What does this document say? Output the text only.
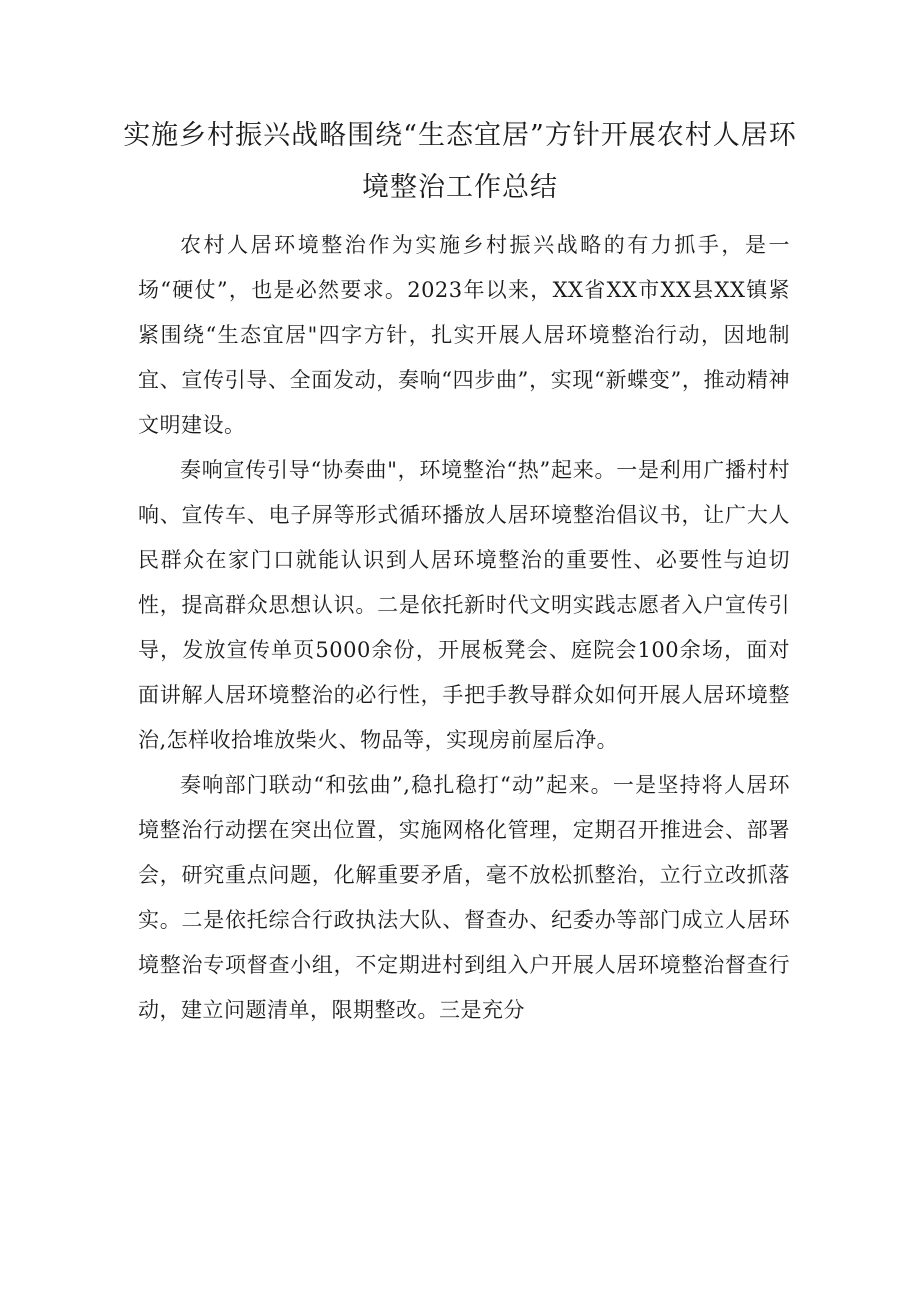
实施乡村振兴战略围绕“生态宜居”方针开展农村人居环境整治工作总结

农村人居环境整治作为实施乡村振兴战略的有力抓手，是一场“硬仗”，也是必然要求。2023年以来，XX省XX市XX县XX镇紧紧围绕“生态宜居"四字方针，扎实开展人居环境整治行动，因地制宜、宣传引导、全面发动，奏响“四步曲”，实现“新蝶变”，推动精神文明建设。

奏响宣传引导“协奏曲"，环境整治“热”起来。一是利用广播村村响、宣传车、电子屏等形式循环播放人居环境整治倡议书，让广大人民群众在家门口就能认识到人居环境整治的重要性、必要性与迫切性，提高群众思想认识。二是依托新时代文明实践志愿者入户宣传引导，发放宣传单页5000余份，开展板凳会、庭院会100余场，面对面讲解人居环境整治的必行性，手把手教导群众如何开展人居环境整治,怎样收拾堆放柴火、物品等，实现房前屋后净。

奏响部门联动“和弦曲”,稳扎稳打“动”起来。一是坚持将人居环境整治行动摆在突出位置，实施网格化管理，定期召开推进会、部署会，研究重点问题，化解重要矛盾，毫不放松抓整治，立行立改抓落实。二是依托综合行政执法大队、督查办、纪委办等部门成立人居环境整治专项督查小组，不定期进村到组入户开展人居环境整治督查行动，建立问题清单，限期整改。三是充分
